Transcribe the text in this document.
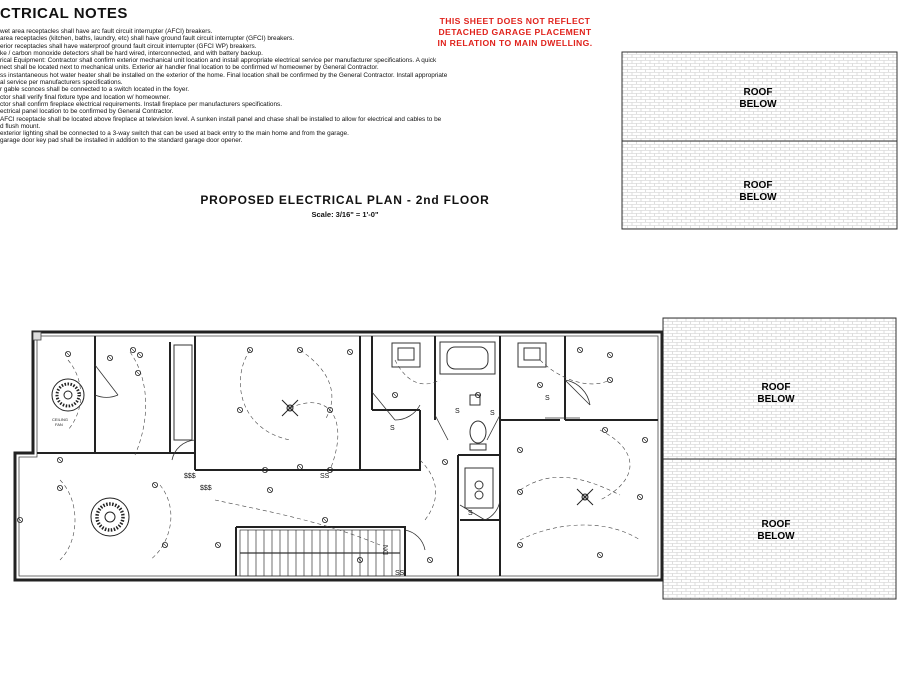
CTRICAL NOTES
wet area receptacles shall have arc fault circuit interrupter (AFCI) breakers.
area receptacles (kitchen, baths, laundry, etc) shall have ground fault circuit interrupter (GFCI) breakers.
erior receptacles shall have waterproof ground fault circuit interrupter (GFCI WP) breakers.
ke / carbon monoxide detectors shall be hard wired, interconnected, and with battery backup.
rical Equipment: Contractor shall confirm exterior mechanical unit location and install appropriate electrical service per manufacturer specifications. A quick
nect shall be located next to mechanical units. Exterior air handler final location to be confirmed w/ homeowner by General Contractor.
ss instantaneous hot water heater shall be installed on the exterior of the home. Final location shall be confirmed by the General Contractor. Install appropriate
al service per manufacturers specifications.
r gable sconces shall be connected to a switch located in the foyer.
ctor shall verify final fixture type and location w/ homeowner.
ctor shall confirm fireplace electrical requirements. Install fireplace per manufacturers specifications.
ectrical panel location to be confirmed by General Contractor.
AFCI receptacle shall be located above fireplace at television level. A sunken install panel and chase shall be installed to allow for electrical and cables to be
d flush mount.
exterior lighting shall be connected to a 3-way switch that can be used at back entry to the main home and from the garage.
garage door key pad shall be installed in addition to the standard garage door opener.
THIS SHEET DOES NOT REFLECT
DETACHED GARAGE PLACEMENT
IN RELATION TO MAIN DWELLING.
PROPOSED ELECTRICAL PLAN - 2nd FLOOR
Scale: 3/16" = 1'-0"
ROOF
BELOW
ROOF
BELOW
ROOF
BELOW
ROOF
BELOW
DN
CEILING
FAN
$$$
$$$
SS
SS
S	S
S
S
S
